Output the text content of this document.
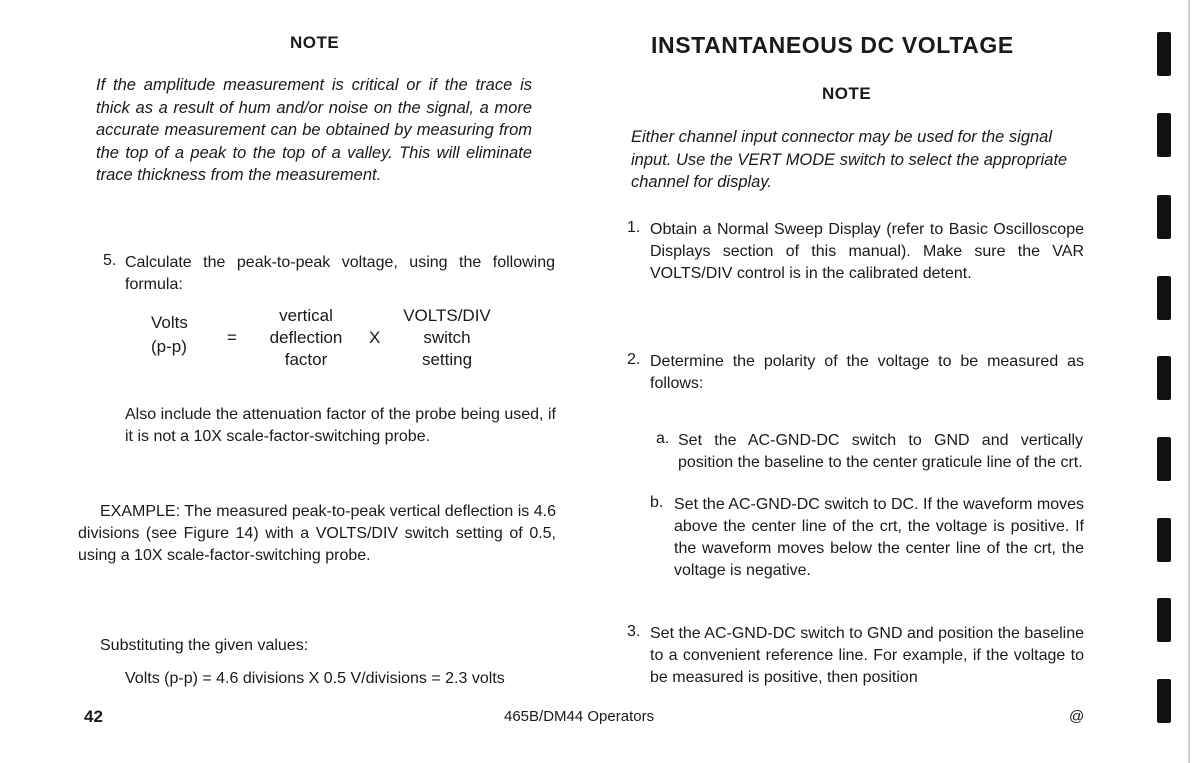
NOTE
If the amplitude measurement is critical or if the trace is thick as a result of hum and/or noise on the signal, a more accurate measurement can be obtained by measuring from the top of a peak to the top of a valley. This will eliminate trace thickness from the measurement.
5. Calculate the peak-to-peak voltage, using the following formula:
Volts
(p-p) =
vertical
deflection
factor
X
VOLTS/DIV
switch
setting
Also include the attenuation factor of the probe being used, if it is not a 10X scale-factor-switching probe.
EXAMPLE: The measured peak-to-peak vertical deflection is 4.6 divisions (see Figure 14) with a VOLTS/DIV switch setting of 0.5, using a 10X scale-factor-switching probe.
Substituting the given values:
Volts (p-p) = 4.6 divisions X 0.5 V/divisions = 2.3 volts
INSTANTANEOUS DC VOLTAGE
NOTE
Either channel input connector may be used for the signal input. Use the VERT MODE switch to select the appropriate channel for display.
1. Obtain a Normal Sweep Display (refer to Basic Oscilloscope Displays section of this manual). Make sure the VAR VOLTS/DIV control is in the calibrated detent.
2. Determine the polarity of the voltage to be measured as follows:
a. Set the AC-GND-DC switch to GND and vertically position the baseline to the center graticule line of the crt.
b. Set the AC-GND-DC switch to DC. If the waveform moves above the center line of the crt, the voltage is positive. If the waveform moves below the center line of the crt, the voltage is negative.
3. Set the AC-GND-DC switch to GND and position the baseline to a convenient reference line. For example, if the voltage to be measured is positive, then position
42	465B/DM44 Operators	@
